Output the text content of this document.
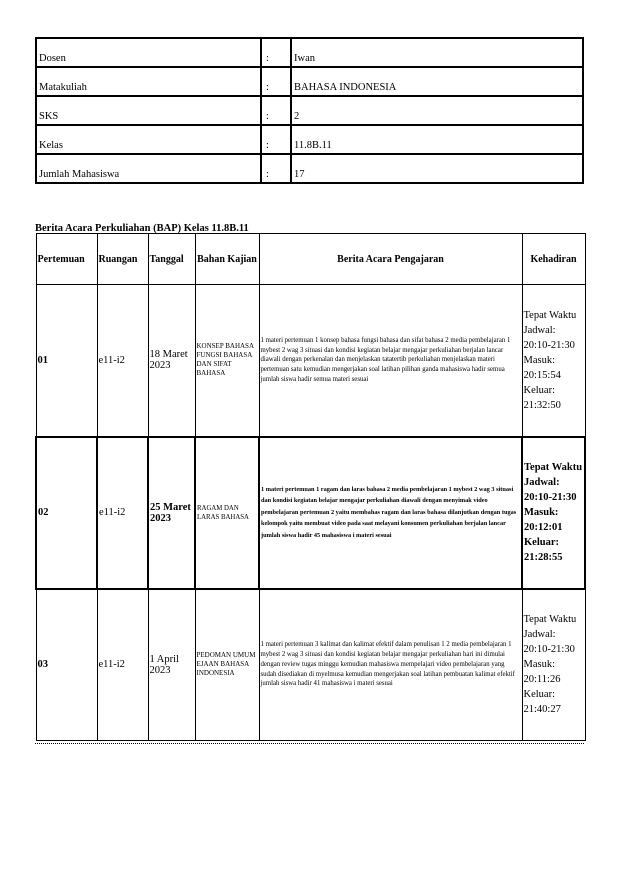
Dosen	:	Iwan
Matakuliah	:	BAHASA INDONESIA
SKS	:	2
Kelas	:	11.8B.11
Jumlah Mahasiswa	:	17
Berita Acara Perkuliahan (BAP) Kelas 11.8B.11
Pertemuan	Ruangan	Tanggal	Bahan Kajian	Berita Acara Pengajaran	Kehadiran
01	e11-i2	18 Maret 2023	KONSEP BAHASA FUNGSI BAHASA DAN SIFAT BAHASA	1 materi pertemuan 1 konsep bahasa fungsi bahasa dan sifat bahasa 2 media pembelajaran 1 mybest 2 wag 3 situasi dan kondisi kegiatan belajar mengajar perkuliahan berjalan lancar diawali dengan perkenalan dan menjelaskan tatatertib perkuliahan menjelaskan materi pertemuan satu kemudian mengerjakan soal latihan pilihan ganda mahasiswa hadir semua jumlah siswa hadir semua materi sesuai	Tepat Waktu Jadwal: 20:10-21:30 Masuk: 20:15:54 Keluar: 21:32:50
02	e11-i2	25 Maret 2023	RAGAM DAN LARAS BAHASA	1 materi pertemuan 1 ragam dan laras bahasa 2 media pembelajaran 1 mybest 2 wag 3 situasi dan kondisi kegiatan belajar mengajar perkuliahan diawali dengan menyimak video pembelajaran pertemuan 2 yaitu membahas ragam dan laras bahasa dilanjutkan dengan tugas kelompok yaitu membuat video pada saat melayani konsumen perkuliahan berjalan lancar jumlah siswa hadir 45 mahasiswa i materi sesuai	Tepat Waktu Jadwal: 20:10-21:30 Masuk: 20:12:01 Keluar: 21:28:55
03	e11-i2	1 April 2023	PEDOMAN UMUM EJAAN BAHASA INDONESIA	1 materi pertemuan 3 kalimat dan kalimat efektif dalam penulisan 1 2 media pembelajaran 1 mybest 2 wag 3 situasi dan kondisi kegiatan belajar mengajar perkuliahan hari ini dimulai dengan review tugas minggu kemudian mahasiswa mempelajari video pembelajaran yang sudah disediakan di myelmusa kemudian mengerjakan soal latihan pembuatan kalimat efektif jumlah siswa hadir 41 mahasiswa i materi sesuai	Tepat Waktu Jadwal: 20:10-21:30 Masuk: 20:11:26 Keluar: 21:40:27
